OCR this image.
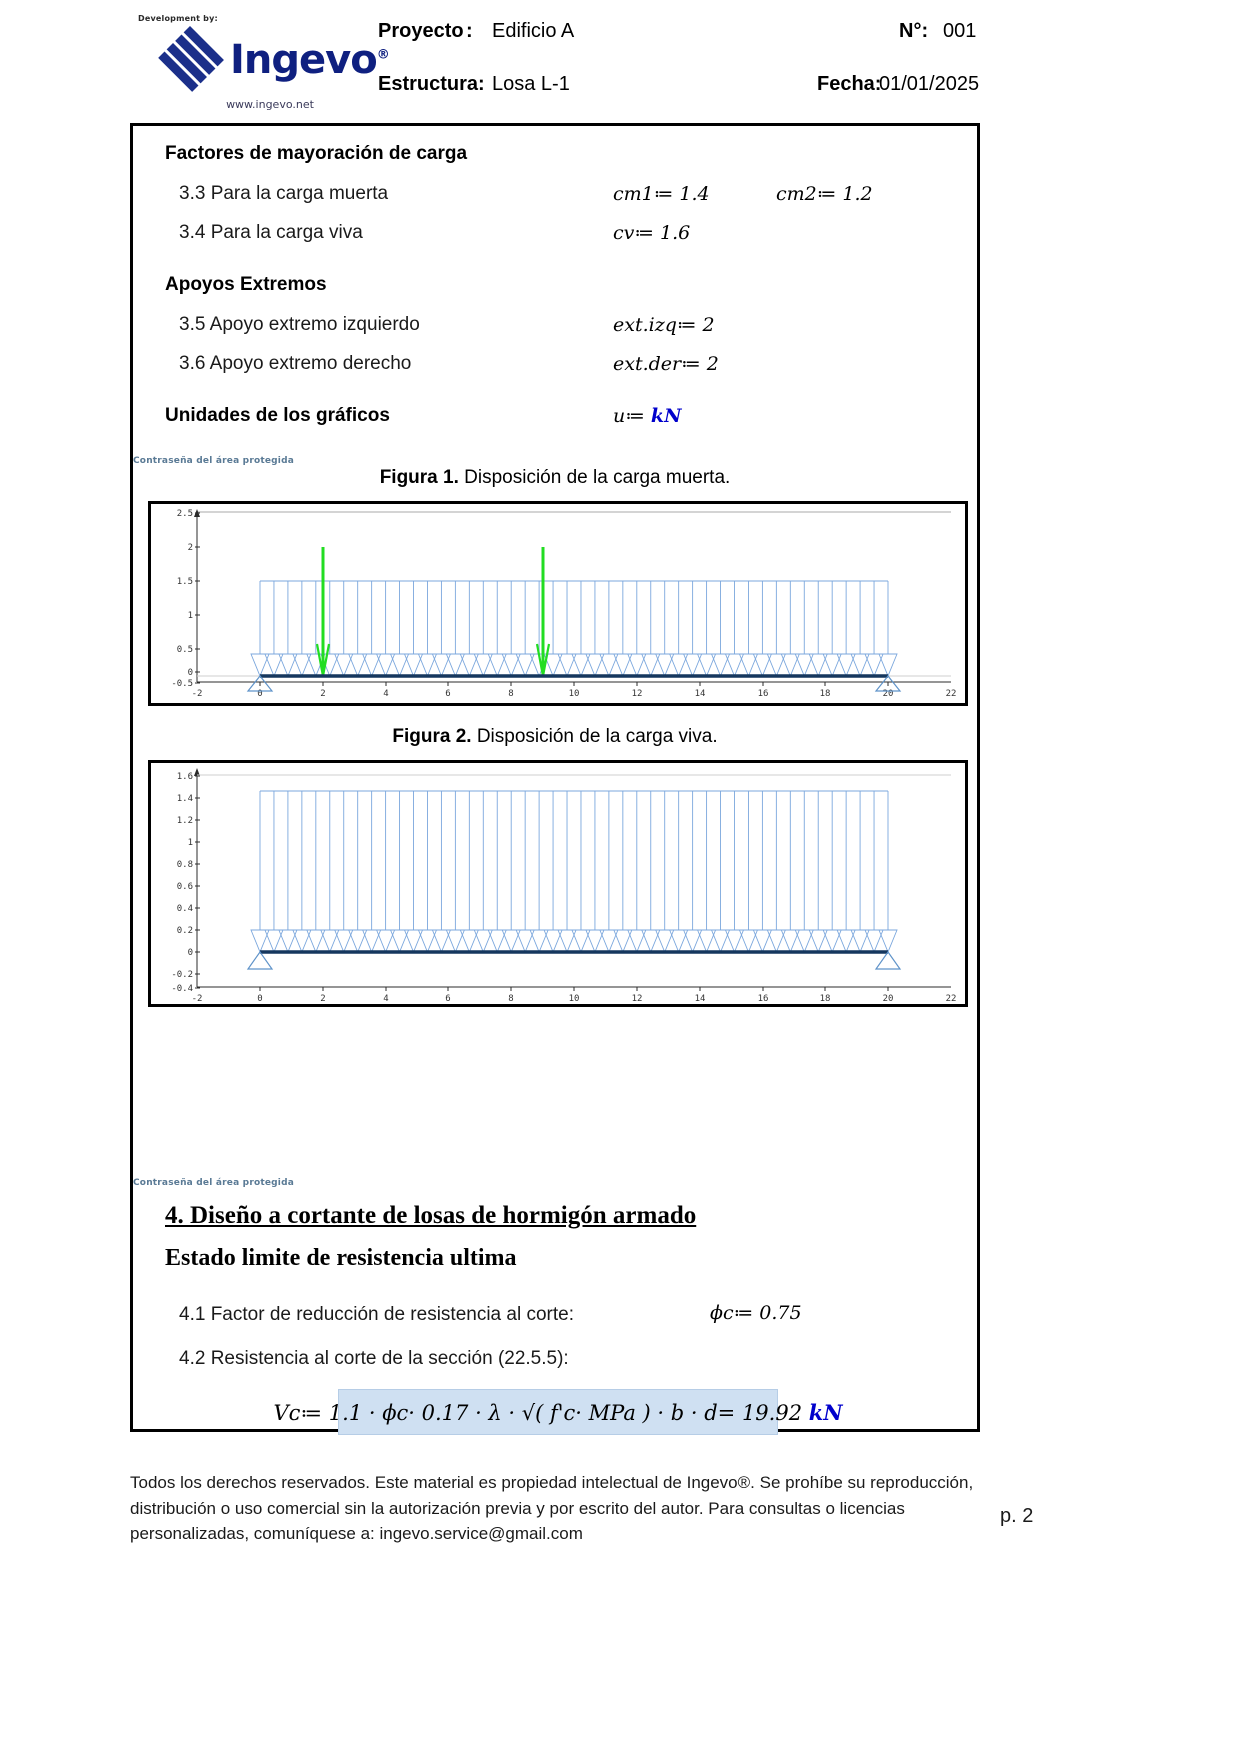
Development by:
Ingevo®
www.ingevo.net
Proyecto : Edificio A	N°: 001
Estructura: Losa L-1	Fecha:
01/01/2025
Factores de mayoración de carga
3.3 Para la carga muerta	cm1≔ 1.4	cm2≔ 1.2
3.4 Para la carga viva	cv≔ 1.6
Apoyos Extremos
3.5 Apoyo extremo izquierdo	ext.izq≔ 2
3.6 Apoyo extremo derecho	ext.der≔ 2
Unidades de los gráficos	u≔ kN
Contraseña del área protegida
Figura 1. Disposición de la carga muerta.
2.5
2
1.5
1
0.5
0
-0.5
-2	0	2	4	6	8	10	12	14	16	18	20	22
Figura 2. Disposición de la carga viva.
1.6
1.4
1.2
1
0.8
0.6
0.4
0.2
0
-0.2
-0.4
-2	0	2	4	6	8	10	12	14	16	18	20	22
Contraseña del área protegida
4. Diseño a cortante de losas de hormigón armado
Estado limite de resistencia ultima
4.1 Factor de reducción de resistencia al corte:	ϕс≔ 0.75
4.2 Resistencia al corte de la sección (22.5.5):
Vᴄ≔ 1.1 · ϕс· 0.17 · λ · √( f'с· MPa ) · b · d= 19.92 kN
Todos los derechos reservados. Este material es propiedad intelectual de Ingevo®. Se prohíbe su reproducción, distribución o uso comercial sin la autorización previa y por escrito del autor. Para consultas o licencias personalizadas, comuníquese a: ingevo.service@gmail.com
p. 2
